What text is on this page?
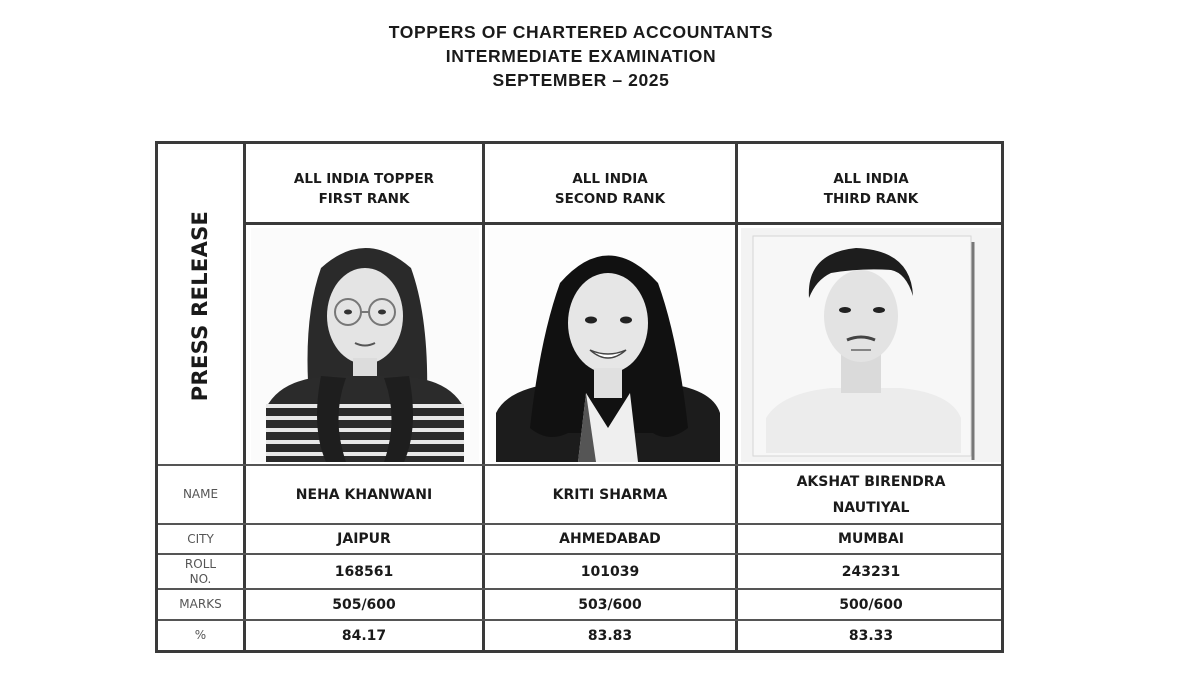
TOPPERS OF CHARTERED ACCOUNTANTS
INTERMEDIATE EXAMINATION
SEPTEMBER – 2025
PRESS RELEASE
ALL INDIA TOPPER
FIRST RANK
ALL INDIA
SECOND RANK
ALL INDIA
THIRD RANK
NAME
CITY
ROLL
NO.
MARKS
%
NEHA KHANWANI
JAIPUR
168561
505/600
84.17
KRITI SHARMA
AHMEDABAD
101039
503/600
83.83
AKSHAT BIRENDRA
NAUTIYAL
MUMBAI
243231
500/600
83.33
